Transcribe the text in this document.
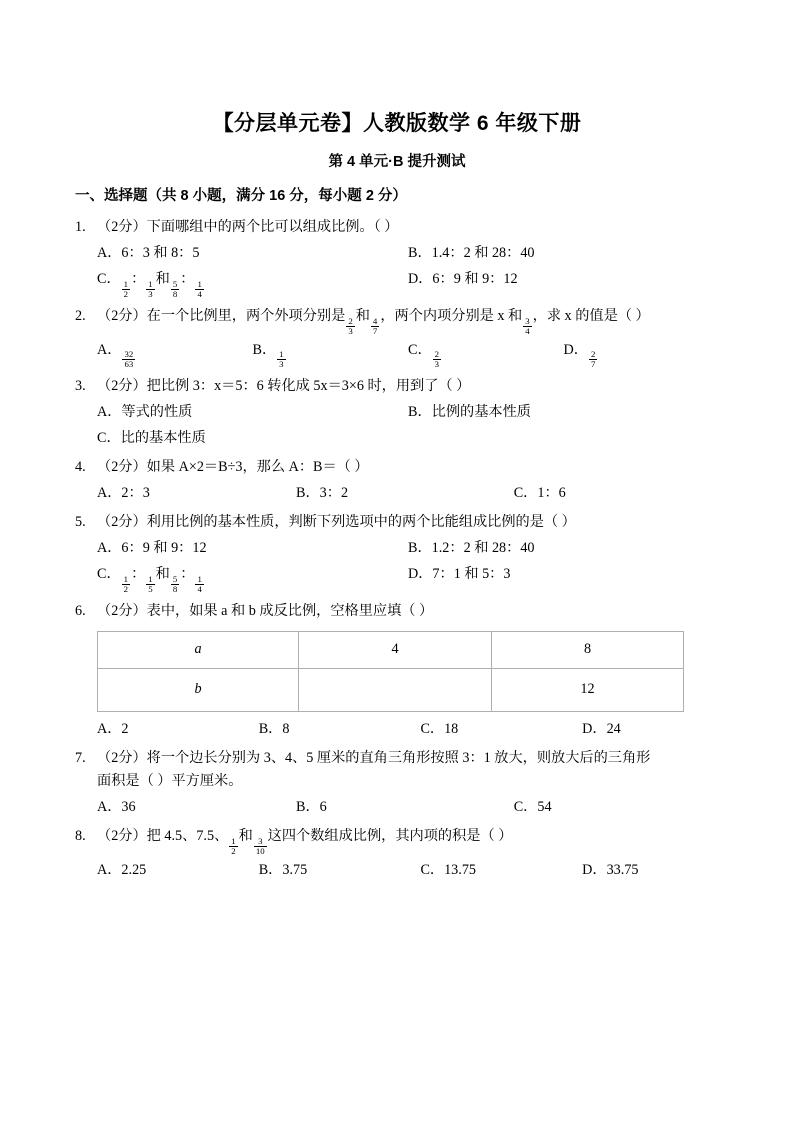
【分层单元卷】人教版数学 6 年级下册
第 4 单元·B 提升测试
一、选择题（共 8 小题，满分 16 分，每小题 2 分）
1. （2分）下面哪组中的两个比可以组成比例。（ ）
A．6：3 和 8：5	B．1.4：2 和 28：40
C．
$\frac{1}{2}$
：
$\frac{1}{3}$
和
$\frac{5}{8}$
：
$\frac{1}{4}$
D．6：9 和 9：12
2. （2分）在一个比例里，两个外项分别是
$\frac{2}{3}$
和
$\frac{4}{7}$
，两个内项分别是 x 和
$\frac{3}{4}$
，求 x 的值是（ ）
A．
$\frac{32}{63}$
B．
$\frac{1}{3}$
C．
$\frac{2}{3}$
D．
$\frac{2}{7}$
3. （2分）把比例 3：x＝5：6 转化成 5x＝3×6 时，用到了（ ）
A．等式的性质	B．比例的基本性质
C．比的基本性质
4. （2分）如果 A×2＝B÷3，那么 A：B＝（ ）
A．2：3	B．3：2	C．1：6
5. （2分）利用比例的基本性质，判断下列选项中的两个比能组成比例的是（ ）
A．6：9 和 9：12	B．1.2：2 和 28：40
C．
$\frac{1}{2}$
：
$\frac{1}{5}$
和
$\frac{5}{8}$
：
$\frac{1}{4}$
D．7：1 和 5：3
6. （2分）表中，如果 a 和 b 成反比例，空格里应填（ ）
a	4	8
b		12
A．2	B．8	C．18	D．24
7. （2分）将一个边长分别为 3、4、5 厘米的直角三角形按照 3：1 放大，则放大后的三角形
面积是（ ）平方厘米。
A．36	B．6	C．54
8. （2分）把 4.5、7.5、
$\frac{1}{2}$
和
$\frac{3}{10}$
这四个数组成比例，其内项的积是（ ）
A．2.25	B．3.75	C．13.75	D．33.75
